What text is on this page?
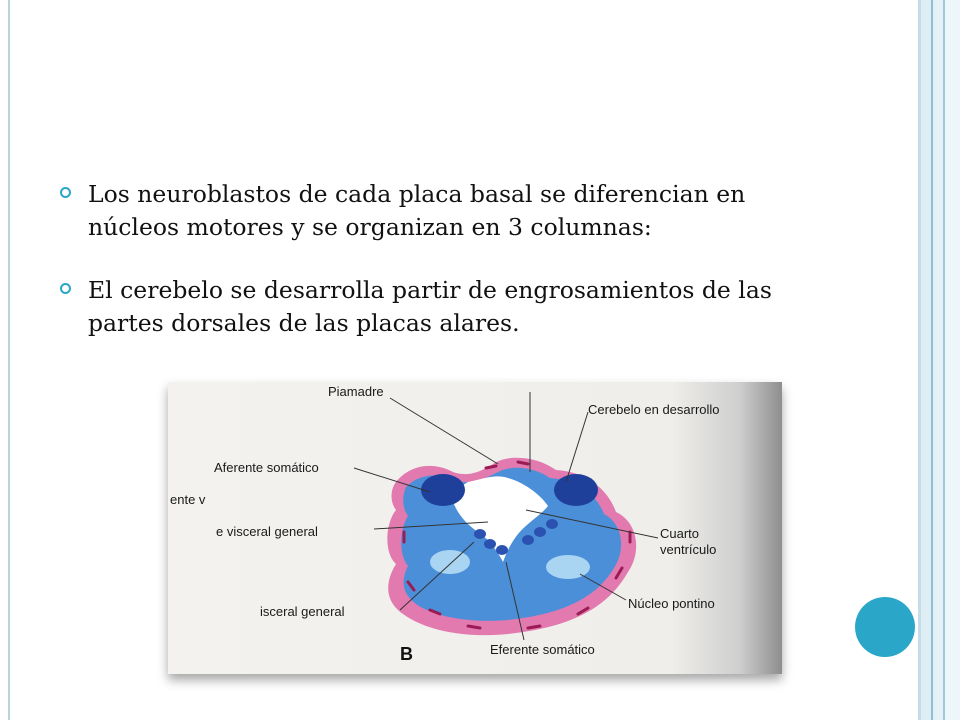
Los neuroblastos de cada placa basal se diferencian en núcleos motores y se organizan en 3 columnas:
El cerebelo se desarrolla partir de engrosamientos de las partes dorsales de las placas alares.
Piamadre
Cerebelo en desarrollo
Aferente somático
ente v
e visceral general	Cuarto
ventrículo
isceral general
Núcleo pontino
Eferente somático
B
